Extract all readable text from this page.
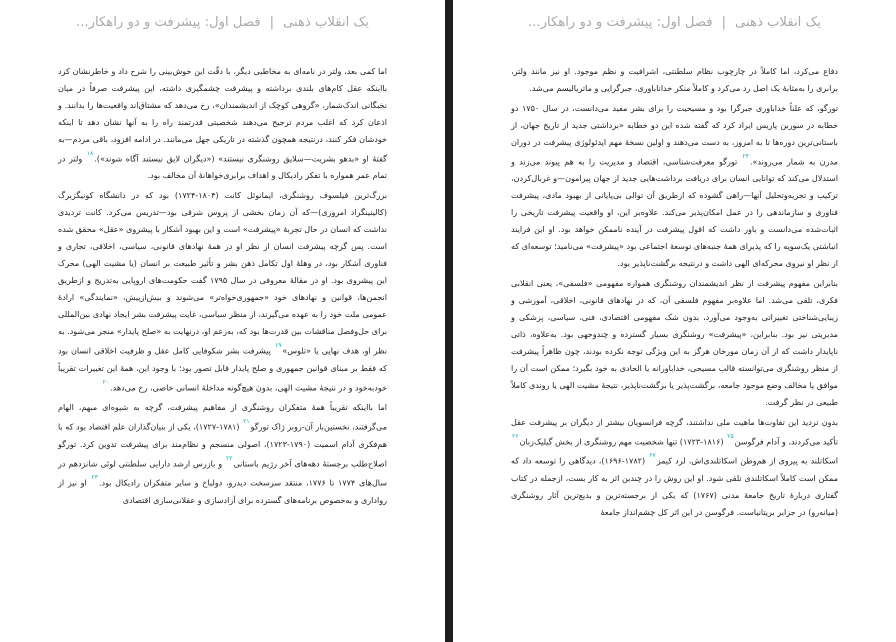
یک انقلاب ذهنی|فصل اول: پیشرفت و دو راهکار...

اما کمی بعد، ولتر در نامه‌ای به مخاطبی دیگر، با دقّت این خوش‌بینی را شرح داد و خاطرنشان کرد بااینکه عقل کام‌های بلندی برداشته و پیشرفت چشمگیری داشته، این پیشرفت صرفاً در میان نخبگانی اندک‌شمار، «گروهی کوچک از اندیشمندان»، رخ می‌دهد که مشتاق‌اند واقعیت‌ها را بدانند. و اذعان کرد که اغلب مردم ترجیح می‌دهند شخصیتی قدرتمند راه را به آنها نشان دهد تا اینکه خودشان فکر کنند، درنتیجه همچون گذشته در تاریکی جهل می‌مانند. در ادامه افزود، باقی مردم—به گفتهٔ او «بدهو بشریت—سلایق روشنگری نیستند» («دیگران لایق نیستند آگاه شوند»).$^{۱۸}$ ولتر در تمام عمر همواره با تفکر رادیکال و اهداف برابری‌خواهانهٔ آن مخالف بود.

بزرگ‌ترین فیلسوف روشنگری، ایمانوئل کانت (۱۸۰۴-۱۷۲۴) بود که در دانشگاه کونیگزبرگ (کالینینگراد امروزی)—که آن زمان بخشی از پروس شرقی بود—تدریس می‌کرد. کانت تردیدی نداشت که انسان در حال تجربهٔ «پیشرفت» است و این بهبود آشکار با پیشروی «عقل» محقق شده است. پس گرچه پیشرفت انسان از نظر او در همهٔ نهادهای قانونی، سیاسی، اخلاقی، تجاری و فناوری آشکار بود، در وهلهٔ اول تکامل ذهن بشر و تأثیر طبیعت بر انسان (یا مشیت الهی) محرک این پیشروی بود. او در مقالهٔ معروفی در سال ۱۷۹۵ گفت حکومت‌های اروپایی به‌تدریج و ازطریق انجمن‌ها، قوانین و نهادهای خود «جمهوری‌خواه‌تر» می‌شوند و بیش‌ازپیش، «نمایندگی» ارادهٔ عمومی ملت خود را به عهده می‌گیرند، از منظر سیاسی، غایت پیشرفت بشر ایجاد نهادی بین‌المللی برای حل‌وفصل مناقشات بین قدرت‌ها بود که، به‌زعم او، درنهایت به «صلح پایدار» منجر می‌شود. به نظر او، هدف نهایی یا «تلوس»$^{۱۹}$ پیشرفت بشر شکوفایی کامل عقل و ظرفیت اخلاقی انسان بود که فقط بر مبنای قوانین جمهوری و صلح پایدار قابل تصور بود؛ با وجود این، همهٔ این تغییرات تقریباً خودبه‌خود و در نتیجهٔ مشیت الهی، بدون هیچ‌گونه مداخلهٔ انسانی خاصی، رخ می‌دهد.$^{۲۰}$

اما بااینکه تقریباً همهٔ متفکران روشنگری از مفاهیم پیشرفت، گرچه به شیوه‌ای مبهم، الهام می‌گرفتند، نخستین‌بار آن-روبر ژاک تورگو$^{۲۱}$ (۱۷۸۱-۱۷۲۷)، یکی از بنیان‌گذاران علم اقتصاد بود که با هم‌فکری آدام اسمیت (۱۷۹۰-۱۷۲۳)، اصولی منسجم و نظام‌مند برای پیشرفت تدوین کرد. تورگو اصلاح‌طلب برجستهٔ دهه‌های آخر رژیم باستانی$^{۲۲}$ و بازرس ارشد دارایی سلطنتی لوئی شانزدهم در سال‌های ۱۷۷۴ تا ۱۷۷۶، منتقد سرسخت دیدرو، دولباخ و سایر متفکران رادیکال بود.$^{۲۳}$ او نیز از رواداری و به‌خصوص برنامه‌های گسترده برای آزادسازی و عقلانی‌سازی اقتصادی

یک انقلاب ذهنی|فصل اول: پیشرفت و دو راهکار...

دفاع می‌کرد، اما کاملاً در چارچوب نظام سلطنتی، اشرافیت و نظم موجود. او نیز مانند ولتر، برابری را به‌مثابهٔ یک اصل رد می‌کرد و کاملاً منکر خداناباوری، جبرگرایی و ماتریالیسم می‌شد.

تورگو، که علناً خداباوری جبرگرا بود و مسیحیت را برای بشر مفید می‌دانست، در سال ۱۷۵۰ دو خطابه در سوربن پاریس ایراد کرد که گفته شده این دو خطابه «برداشتی جدید از تاریخ جهان، از باستانی‌ترین دوره‌ها تا به امروز، به دست می‌دهند و اولین نسخهٔ مهم ایدئولوژی پیشرفت در دوران مدرن به شمار می‌روند».$^{۲۴}$ تورگو معرفت‌شناسی، اقتصاد و مدیریت را به هم پیوند می‌زند و استدلال می‌کند که توانایی انسان برای دریافت برداشت‌هایی جدید از جهان پیرامون—و غربال‌کردن، ترکیب و تجزیه‌وتحلیل آنها—راهی گشوده که ازطریق آن توالی بی‌پایانی از بهبود مادی، پیشرفت فناوری و سازماندهی را در عمل امکان‌پذیر می‌کند. علاوه‌بر این، او واقعیت پیشرفت تاریخی را اثبات‌شده می‌دانست و باور داشت که اقول پیشرفت در آینده ناممکن خواهد بود. او این فرایند انباشتی یک‌سویه را که پذیرای همهٔ جنبه‌های توسعهٔ اجتماعی بود «پیشرفت» می‌نامید؛ توسعه‌ای که از نظر او نیروی محرکه‌ای الهی داشت و درنتیجه برگشت‌ناپذیر بود.

بنابراین مفهوم پیشرفت از نظر اندیشمندان روشنگری همواره مفهومی «فلسفی»، یعنی انقلابی فکری، تلقی می‌شد. اما علاوه‌بر مفهوم فلسفی آن، که در نهادهای قانونی، اخلاقی، آموزشی و زیبایی‌شناختی تغییراتی به‌وجود می‌آورد، بدون شک مفهومی اقتصادی، فنی، سیاسی، پزشکی و مدیریتی نیز بود. بنابراین، «پیشرفت» روشنگری بسیار گسترده و چندوجهی بود. به‌علاوه، ذاتی ناپایدار داشت که از آن زمان مورخان هرگز به این ویژگی توجه نکرده بودند، چون ظاهراً پیشرفت از منظر روشنگری می‌توانسته قالب مسیحی، خداباورانه یا الحادی به خود بگیرد؛ ممکن است آن را موافق یا مخالف وضع موجود جامعه، برگشت‌پذیر یا برگشت‌ناپذیر، نتیجهٔ مشیت الهی یا روندی کاملاً طبیعی در نظر گرفت.

بدون تردید این تفاوت‌ها ماهیت ملی نداشتند، گرچه فرانسویان بیشتر از دیگران بر پیشرفت عقل تأکید می‌کردند، و آدام فرگوسن$^{۲۵}$ (۱۸۱۶-۱۷۲۳) تنها شخصیت مهم روشنگری از بخش گیلیک‌زبان$^{۲۶}$ اسکاتلند به پیروی از هم‌وطن اسکاتلندی‌اش، لرد کیمز$^{۲۷}$ (۱۷۸۲-۱۶۹۶)، دیدگاهی را توسعه داد که ممکن است کاملاً اسکاتلندی تلقی شود. او این روش را در چندین اثر به کار بست، ازجمله در کتاب گفتاری دربارهٔ تاریخ جامعهٔ مدنی (۱۷۶۷) که یکی از برجسته‌ترین و بدیع‌ترین آثار روشنگری (میانه‌رو) در جزایر بریتانیاست. فرگوسن در این اثر کل چشم‌انداز جامعهٔ
